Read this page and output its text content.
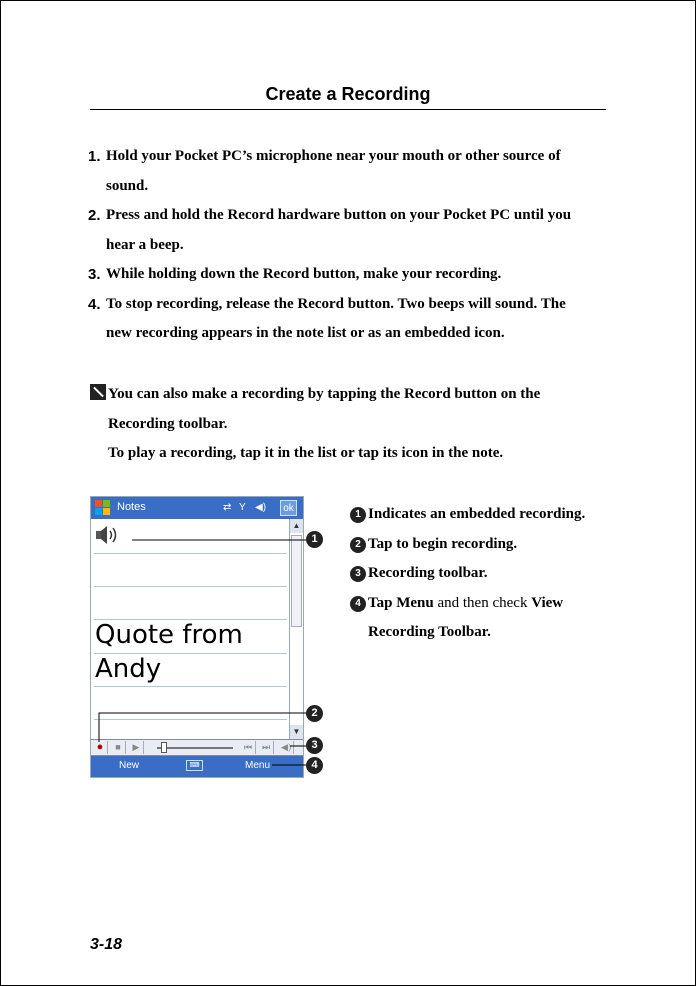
Create a Recording
1. Hold your Pocket PC’s microphone near your mouth or other source of
sound.
2. Press and hold the Record hardware button on your Pocket PC until you
hear a beep.
3. While holding down the Record button, make your recording.
4. To stop recording, release the Record button. Two beeps will sound. The
new recording appears in the note list or as an embedded icon.
You can also make a recording by tapping the Record button on the
Recording toolbar.
To play a recording, tap it in the list or tap its icon in the note.
Notes	⇄ Y ◀)	ok
Quote from
Andy
▲
▼
●	■	▶	⏮	⏭	◀)
New	⌨	Menu
1
2
3
4
1 Indicates an embedded recording.
2 Tap to begin recording.
3 Recording toolbar.
4 Tap Menu and then check View
Recording Toolbar.
3-18
